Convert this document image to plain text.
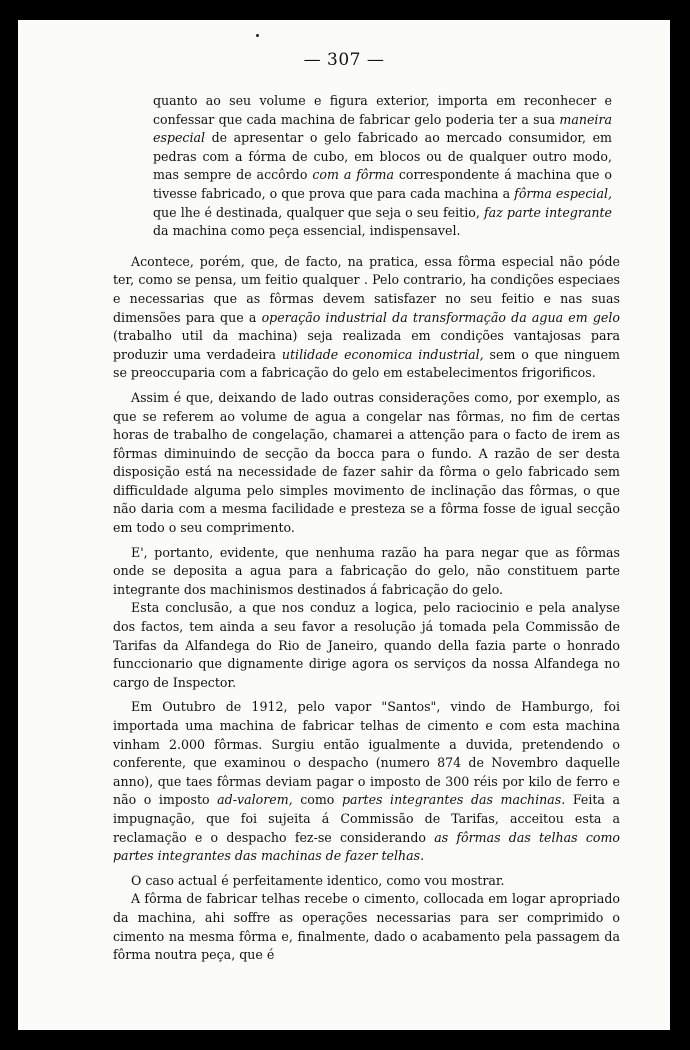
— 307 —

quanto ao seu volume e figura exterior, importa em reconhecer e confessar que cada machina de fabricar gelo poderia ter a sua maneira especial de apresentar o gelo fabricado ao mercado consumidor, em pedras com a fórma de cubo, em blocos ou de qualquer outro modo, mas sempre de accôrdo com a fôrma correspondente á machina que o tivesse fabricado, o que prova que para cada machina a fôrma especial, que lhe é destinada, qualquer que seja o seu feitio, faz parte integrante da machina como peça essencial, indispensavel.

Acontece, porém, que, de facto, na pratica, essa fôrma especial não póde ter, como se pensa, um feitio qualquer . Pelo contrario, ha condições especiaes e necessarias que as fôrmas devem satisfazer no seu feitio e nas suas dimensões para que a operação industrial da transformação da agua em gelo (trabalho util da machina) seja realizada em condições vantajosas para produzir uma verdadeira utilidade economica industrial, sem o que ninguem se preoccuparia com a fabricação do gelo em estabelecimentos frigorificos.

Assim é que, deixando de lado outras considerações como, por exemplo, as que se referem ao volume de agua a congelar nas fôrmas, no fim de certas horas de trabalho de congelação, chamarei a attenção para o facto de irem as fôrmas diminuindo de secção da bocca para o fundo. A razão de ser desta disposição está na necessidade de fazer sahir da fôrma o gelo fabricado sem difficuldade alguma pelo simples movimento de inclinação das fôrmas, o que não daria com a mesma facilidade e presteza se a fôrma fosse de igual secção em todo o seu comprimento.

E', portanto, evidente, que nenhuma razão ha para negar que as fôrmas onde se deposita a agua para a fabricação do gelo, não constituem parte integrante dos machinismos destinados á fabricação do gelo.

Esta conclusão, a que nos conduz a logica, pelo raciocinio e pela analyse dos factos, tem ainda a seu favor a resolução já tomada pela Commissão de Tarifas da Alfandega do Rio de Janeiro, quando della fazia parte o honrado funccionario que dignamente dirige agora os serviços da nossa Alfandega no cargo de Inspector.

Em Outubro de 1912, pelo vapor "Santos", vindo de Hamburgo, foi importada uma machina de fabricar telhas de cimento e com esta machina vinham 2.000 fôrmas. Surgiu então igualmente a duvida, pretendendo o conferente, que examinou o despacho (numero 874 de Novembro daquelle anno), que taes fôrmas deviam pagar o imposto de 300 réis por kilo de ferro e não o imposto ad-valorem, como partes integrantes das machinas. Feita a impugnação, que foi sujeita á Commissão de Tarifas, acceitou esta a reclamação e o despacho fez-se considerando as fôrmas das telhas como partes integrantes das machinas de fazer telhas.

O caso actual é perfeitamente identico, como vou mostrar.

A fôrma de fabricar telhas recebe o cimento, collocada em logar apropriado da machina, ahi soffre as operações necessarias para ser comprimido o cimento na mesma fôrma e, finalmente, dado o acabamento pela passagem da fôrma noutra peça, que é
